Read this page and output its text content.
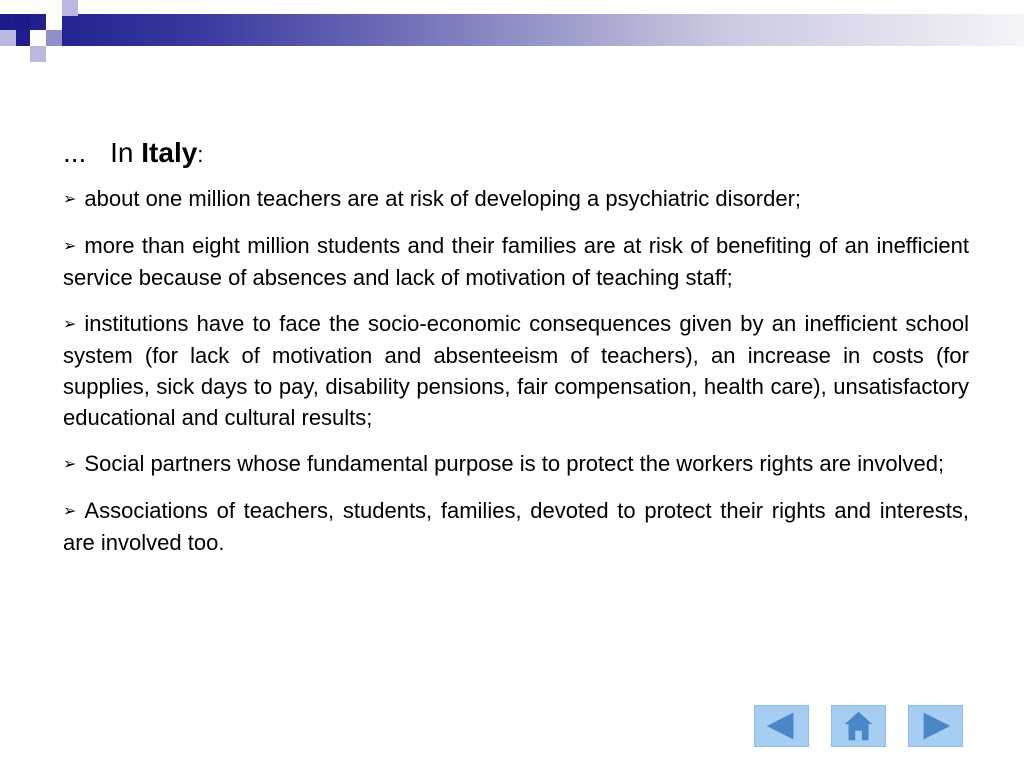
... In Italy:

➢ about one million teachers are at risk of developing a psychiatric disorder;

➢ more than eight million students and their families are at risk of benefiting of an inefficient service because of absences and lack of motivation of teaching staff;

➢ institutions have to face the socio-economic consequences given by an inefficient school system (for lack of motivation and absenteeism of teachers), an increase in costs (for supplies, sick days to pay, disability pensions, fair compensation, health care), unsatisfactory educational and cultural results;

➢ Social partners whose fundamental purpose is to protect the workers rights are involved;

➢ Associations of teachers, students, families, devoted to protect their rights and interests, are involved too.
